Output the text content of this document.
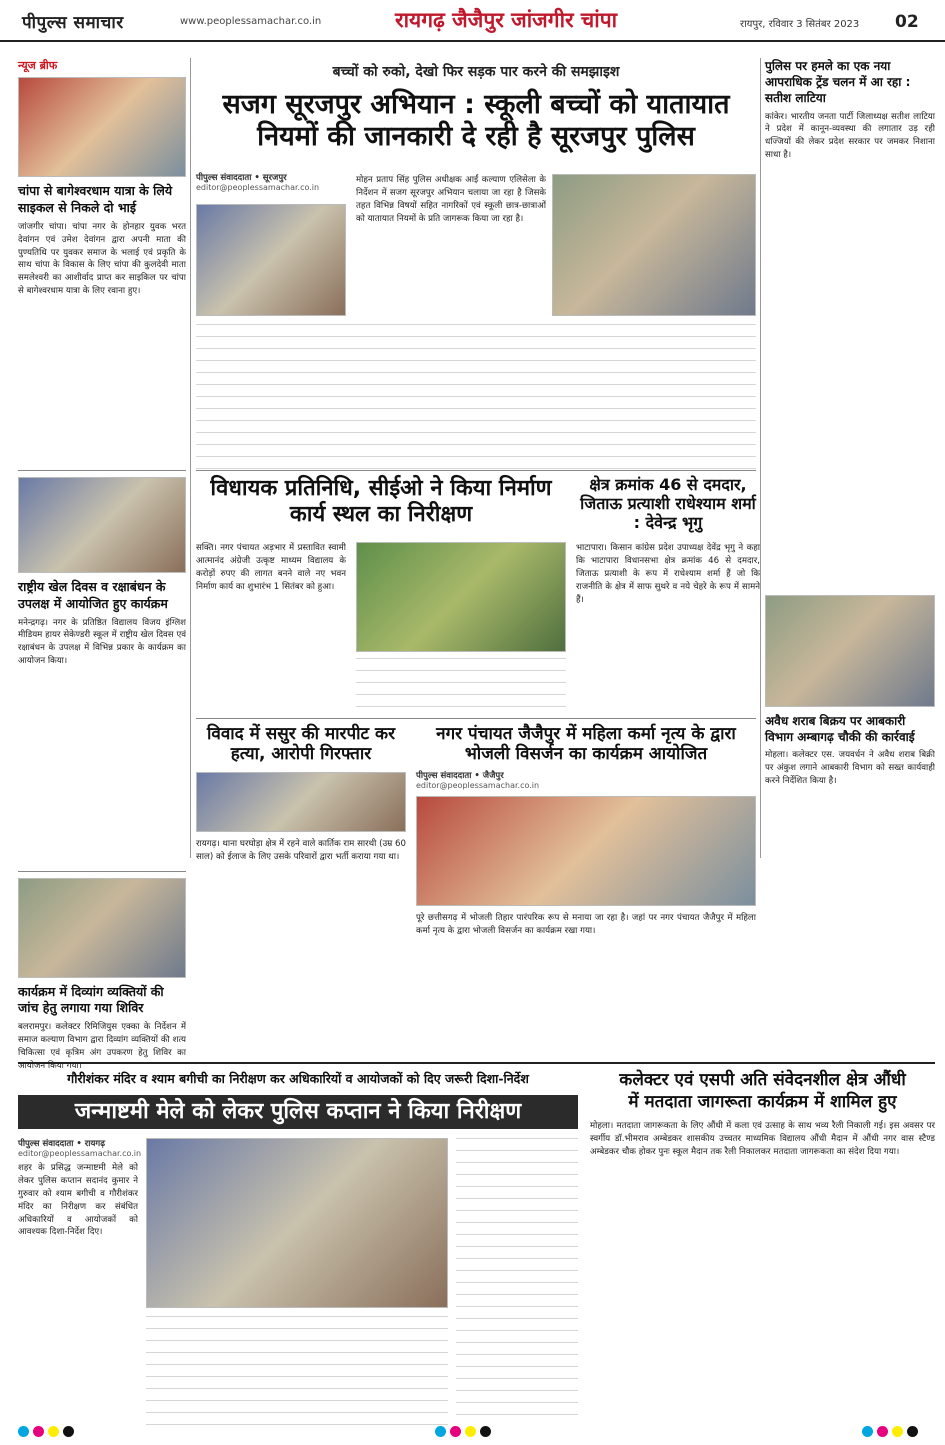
पीपुल्स समाचार	www.peoplessamachar.co.in	रायगढ़ जैजैपुर जांजगीर चांपा	रायपुर, रविवार 3 सितंबर 2023 02
न्यूज ब्रीफ
चांपा से बागेश्वरधाम यात्रा के लिये साइकल से निकले दो भाई
जांजगीर चांपा। चांपा नगर के होनहार युवक भरत देवांगन एवं उमेश देवांगन द्वारा अपनी माता की पुण्यतिथि पर युवकर समाज के भलाई एवं प्रकृति के साथ चांपा के विकास के लिए चांपा की कुलदेवी माता समलेश्वरी का आशीर्वाद प्राप्त कर साइकिल पर चांपा से बागेश्वरधाम यात्रा के लिए रवाना हुए।
राष्ट्रीय खेल दिवस व रक्षाबंधन के उपलक्ष में आयोजित हुए कार्यक्रम
मनेन्द्रगढ़। नगर के प्रतिष्ठित विद्यालय विजय इंग्लिश मीडियम हायर सेकेण्डरी स्कूल में राष्ट्रीय खेल दिवस एवं रक्षाबंधन के उपलक्ष में विभिन्न प्रकार के कार्यक्रम का आयोजन किया।
कार्यक्रम में दिव्यांग व्यक्तियों की जांच हेतु लगाया गया शिविर
बलरामपुर। कलेक्टर रिमिजियुस एक्का के निर्देशन में समाज कल्याण विभाग द्वारा दिव्यांग व्यक्तियों की शत्य चिकित्सा एवं कृत्रिम अंग उपकरण हेतु शिविर का आयोजन किया गया।
बच्चों को रुको, देखो फिर सड़क पार करने की समझाइश
सजग सूरजपुर अभियान : स्कूली बच्चों को यातायात नियमों की जानकारी दे रही है सूरजपुर पुलिस
पीपुल्स संवाददाता • सूरजपुर
editor@peoplessamachar.co.in
मोहन प्रताप सिंह पुलिस अधीक्षक आईं कल्याण एलिसेला के निर्देशन में सजग सूरजपुर अभियान चलाया जा रहा है जिसके तहत विभिन्न विषयों सहित नागरिकों एवं स्कूली छात्र-छात्राओं को यातायात नियमों के प्रति जागरूक किया जा रहा है।
विधायक प्रतिनिधि, सीईओ ने किया निर्माण कार्य स्थल का निरीक्षण
सक्ति। नगर पंचायत अड़भार में प्रस्तावित स्वामी आत्मानंद अंग्रेजी उत्कृष्ट माध्यम विद्यालय के करोड़ों रुपए की लागत बनने वाले नए भवन निर्माण कार्य का शुभारंभ 1 सितंबर को हुआ।
क्षेत्र क्रमांक 46 से दमदार, जिताऊ प्रत्याशी राधेश्याम शर्मा : देवेन्द्र भृगु
भाटापारा। किसान कांग्रेस प्रदेश उपाध्यक्ष देवेंद्र भृगु ने कहा कि भाटापारा विधानसभा क्षेत्र क्रमांक 46 से दमदार, जिताऊ प्रत्याशी के रूप में राधेश्याम शर्मा हैं जो कि राजनीति के क्षेत्र में साफ सुथरे व नये चेहरे के रूप में सामने हैं।
विवाद में ससुर की मारपीट कर हत्या, आरोपी गिरफ्तार
रायगढ़। थाना घरघोड़ा क्षेत्र में रहने वाले कार्तिक राम सारथी (उम्र 60 साल) को ईलाज के लिए उसके परिवारों द्वारा भर्ती कराया गया था।
नगर पंचायत जैजैपुर में महिला कर्मा नृत्य के द्वारा भोजली विसर्जन का कार्यक्रम आयोजित
पीपुल्स संवाददाता • जैजैपुर
editor@peoplessamachar.co.in
पूरे छत्तीसगढ़ में भोजली तिहार पारंपरिक रूप से मनाया जा रहा है। जहां पर नगर पंचायत जैजैपुर में महिला कर्मा नृत्य के द्वारा भोजली विसर्जन का कार्यक्रम रखा गया।
पुलिस पर हमले का एक नया आपराधिक ट्रेंड चलन में आ रहा : सतीश लाटिया
कांकेर। भारतीय जनता पार्टी जिलाध्यक्ष सतीश लाटिया ने प्रदेश में कानून-व्यवस्था की लगातार उड़ रही धज्जियों की लेकर प्रदेश सरकार पर जमकर निशाना साधा है।
अवैध शराब बिक्रय पर आबकारी विभाग अम्बागढ़ चौकी की कार्रवाई
मोहला। कलेक्टर एस. जयवर्धन ने अवैध शराब बिक्री पर अंकुश लगाने आबकारी विभाग को सख्त कार्यवाही करने निर्देशित किया है।
गौरीशंकर मंदिर व श्याम बगीची का निरीक्षण कर अधिकारियों व आयोजकों को दिए जरूरी दिशा-निर्देश
जन्माष्टमी मेले को लेकर पुलिस कप्तान ने किया निरीक्षण
पीपुल्स संवाददाता • रायगढ़
editor@peoplessamachar.co.in
शहर के प्रसिद्ध जन्माष्टमी मेले को लेकर पुलिस कप्तान सदानंद कुमार ने गुरुवार को श्याम बगीची व गौरीशंकर मंदिर का निरीक्षण कर संबंधित अधिकारियों व आयोजकों को आवश्यक दिशा-निर्देश दिए।
कलेक्टर एवं एसपी अति संवेदनशील क्षेत्र औंधी
में मतदाता जागरूता कार्यक्रम में शामिल हुए
मोहला। मतदाता जागरूकता के लिए औंधी में कला एवं उत्साह के साथ भव्य रैली निकाली गई। इस अवसर पर स्वर्गीय डॉ.भीमराव अम्बेडकर शासकीय उच्चतर माध्यमिक विद्यालय औंधी मैदान में औंधी नगर वास स्टैण्ड अम्बेडकर चौक होकर पुनः स्कूल मैदान तक रैली निकालकर मतदाता जागरूकता का संदेश दिया गया।
